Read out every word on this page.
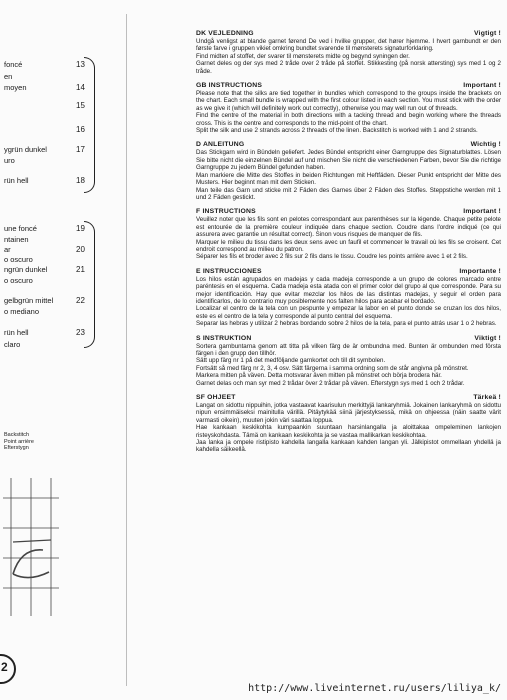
foncé	13
en
moyen	14
15
16
ygrün dunkel	17
uro
rün hell	18
une foncé	19
ntainen
ar	20
o oscuro
ngrün dunkel	21
o oscuro
gelbgrün mittel	22
o mediano
rün hell	23
claro
Backstitch
Point arrière
Efterstygn
2
DK VEJLEDNING	Vigtigt !

Undgå venligst at blande garnet førend De ved i hvilke grupper, det hører hjemme. I hvert garnbundt er den første farve i gruppen vikiet omkring bundtet svarende til mønsterets signaturforklaring.

Find midten af stoffet, der svarer til mønsterets midte og begynd syningen der.

Garnet deles og der sys med 2 tråde over 2 tråde på stoffet. Stikkesting (på norsk attersting) sys med 1 og 2 tråde.

GB INSTRUCTIONS	Important !

Please note that the silks are tied together in bundles which correspond to the groups inside the brackets on the chart. Each small bundle is wrapped with the first colour listed in each section. You must stick with the order as we give it (which will definitely work out correctly), otherwise you may well run out of threads.

Find the centre of the material in both directions with a tacking thread and begin working where the threads cross. This is the centre and corresponds to the mid-point of the chart.

Split the silk and use 2 strands across 2 threads of the linen. Backstitch is worked with 1 and 2 strands.

D ANLEITUNG	Wichtig !

Das Stickgarn wird in Bündeln geliefert. Jedes Bündel entspricht einer Garngruppe des Signaturblattes. Lösen Sie bitte nicht die einzelnen Bündel auf und mischen Sie nicht die verschiedenen Farben, bevor Sie die richtige Garngruppe zu jedem Bündel gefunden haben.

Man markiere die Mitte des Stoffes in beiden Richtungen mit Heftfäden. Dieser Punkt entspricht der Mitte des Musters. Hier beginnt man mit dem Sticken.

Man teile das Garn und sticke mit 2 Fäden des Garnes über 2 Fäden des Stoffes. Steppstiche werden mit 1 und 2 Fäden gestickt.

F INSTRUCTIONS	Important !

Veuillez noter que les fils sont en pelotes correspondant aux parenthèses sur la légende. Chaque petite pelote est entourée de la première couleur indiquée dans chaque section. Coudre dans l'ordre indiqué (ce qui assurera avec garantie un résultat correct). Sinon vous risques de manquer de fils.

Marquer le milieu du tissu dans les deux sens avec un faufil et commencer le travail où les fils se croisent. Cet endroit correspond au milieu du patron.

Séparer les fils et broder avec 2 fils sur 2 fils dans le tissu. Coudre les points arrière avec 1 et 2 fils.

E INSTRUCCIONES	Importante !

Los hilos están agrupados en madejas y cada madeja corresponde a un grupo de colores marcado entre paréntesis en el esquema. Cada madeja esta atada con el primer color del grupo al que corresponde. Para su mejor identificación. Hay que evitar mezclar los hilos de las distintas madejas, y seguir el orden para identificarlos, de lo contrario muy posiblemente nos falten hilos para acabar el bordado.

Localizar el centro de la tela con un pespunte y empezar la labor en el punto donde se cruzan los dos hilos, este es el centro de la tela y corresponde al punto central del esquema.

Separar las hebras y utilizar 2 hebras bordando sobre 2 hilos de la tela, para el punto atrás usar 1 o 2 hebras.

S INSTRUKTION	Viktigt !

Sortera garnbuntarna genom att titta på vilken färg de är ombundna med. Bunten är ombunden med första färgen i den grupp den tillhör.

Sätt upp färg nr 1 på det medföljande garnkortet och till dit symbolen.

Fortsätt så med färg nr 2, 3, 4 osv. Sätt färgerna i samma ordning som de står angivna på mönstret.

Markera mitten på väven. Detta motsvarar även mitten på mönstret och börja brodera här.

Garnet delas och man syr med 2 trådar över 2 trådar på väven. Efterstygn sys med 1 och 2 trådar.

SF OHJEET	Tärkeä !

Langat on sidottu nippuihin, jotka vastaavat kaarisulun merkittyjä lankaryhmiä. Jokainen lankaryhmä on sidottu nipun ensimmäiseksi mainitulla värillä. Pitäytykää siinä järjestyksessä, mikä on ohjeessa (näin saatte värit varmasti oikein), muuten jokin väri saattaa loppua.

Hae kankaan keskikohta kumpaankin suuntaan harsinlangalla ja aloittakaa ompeleminen lankojen risteyskohdasta. Tämä on kankaan keskikohta ja se vastaa mallikarkan keskikohtaa.

Jaa lanka ja ompele ristipisto kahdella langalla kankaan kahden langan yli. Jälkipistot ommellaan yhdellä ja kahdella säikeellä.

http://www.liveinternet.ru/users/liliya_k/
